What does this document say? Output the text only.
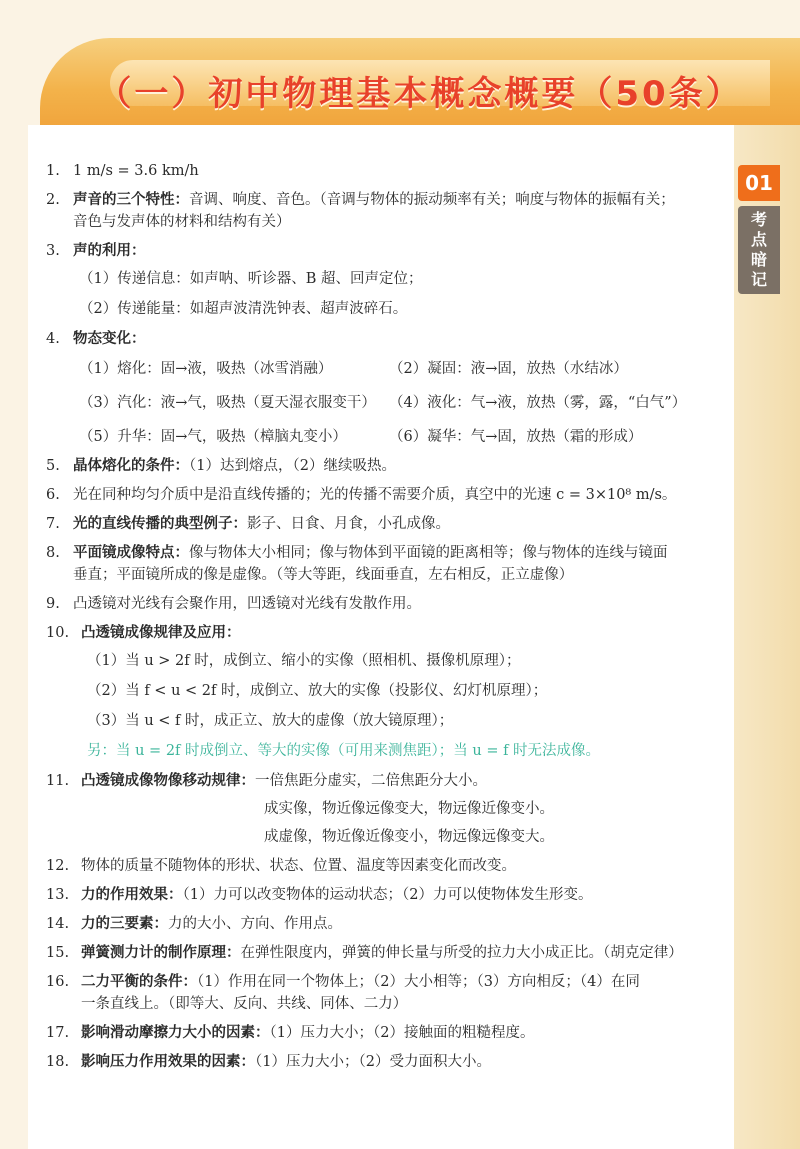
（一）初中物理基本概念概要（50条）
01
考
点
暗
记
1. 1 m/s = 3.6 km/h
2. 声音的三个特性：音调、响度、音色。（音调与物体的振动频率有关；响度与物体的振幅有关；
音色与发声体的材料和结构有关）
3. 声的利用：
（1）传递信息：如声呐、听诊器、B 超、回声定位；
（2）传递能量：如超声波清洗钟表、超声波碎石。
4. 物态变化：
（1）熔化：固→液，吸热（冰雪消融）	（2）凝固：液→固，放热（水结冰）
（3）汽化：液→气，吸热（夏天湿衣服变干） （4）液化：气→液，放热（雾，露，“白气”）
（5）升华：固→气，吸热（樟脑丸变小）	（6）凝华：气→固，放热（霜的形成）
5. 晶体熔化的条件：（1）达到熔点，（2）继续吸热。
6. 光在同种均匀介质中是沿直线传播的；光的传播不需要介质，真空中的光速 c = 3×10⁸ m/s。
7. 光的直线传播的典型例子：影子、日食、月食，小孔成像。
8. 平面镜成像特点：像与物体大小相同；像与物体到平面镜的距离相等；像与物体的连线与镜面
垂直；平面镜所成的像是虚像。（等大等距，线面垂直，左右相反，正立虚像）
9. 凸透镜对光线有会聚作用，凹透镜对光线有发散作用。
10. 凸透镜成像规律及应用：
（1）当 u > 2f 时，成倒立、缩小的实像（照相机、摄像机原理）；
（2）当 f < u < 2f 时，成倒立、放大的实像（投影仪、幻灯机原理）；
（3）当 u < f 时，成正立、放大的虚像（放大镜原理）；
另：当 u = 2f 时成倒立、等大的实像（可用来测焦距）；当 u = f 时无法成像。
11. 凸透镜成像物像移动规律：一倍焦距分虚实，二倍焦距分大小。
成实像，物近像远像变大，物远像近像变小。
成虚像，物近像近像变小，物远像远像变大。
12. 物体的质量不随物体的形状、状态、位置、温度等因素变化而改变。
13. 力的作用效果：（1）力可以改变物体的运动状态；（2）力可以使物体发生形变。
14. 力的三要素：力的大小、方向、作用点。
15. 弹簧测力计的制作原理：在弹性限度内，弹簧的伸长量与所受的拉力大小成正比。（胡克定律）
16. 二力平衡的条件：（1）作用在同一个物体上；（2）大小相等；（3）方向相反；（4）在同
一条直线上。（即等大、反向、共线、同体、二力）
17. 影响滑动摩擦力大小的因素：（1）压力大小；（2）接触面的粗糙程度。
18. 影响压力作用效果的因素：（1）压力大小；（2）受力面积大小。
